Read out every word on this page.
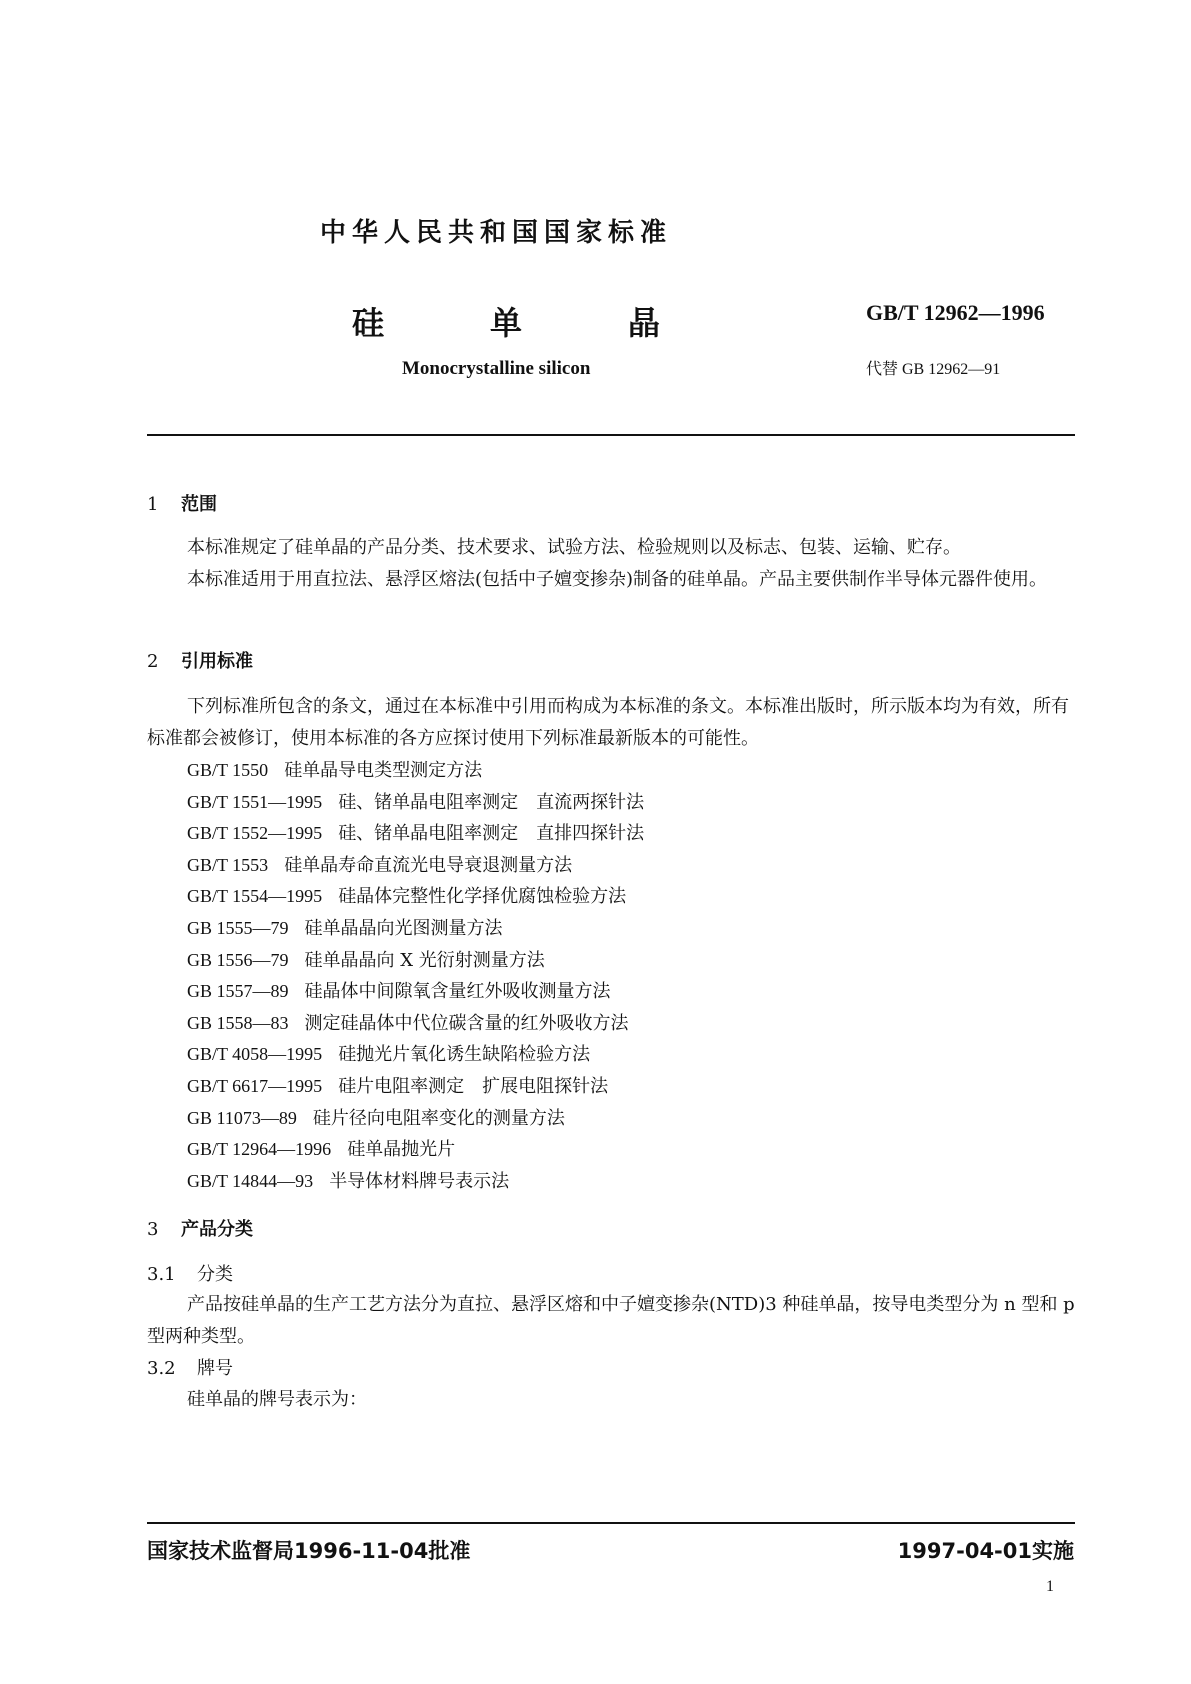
中华人民共和国国家标准
硅	单	晶	GB/T 12962—1996
Monocrystalline silicon	代替 GB 12962—91
1 范围
本标准规定了硅单晶的产品分类、技术要求、试验方法、检验规则以及标志、包装、运输、贮存。
本标准适用于用直拉法、悬浮区熔法(包括中子嬗变掺杂)制备的硅单晶。产品主要供制作半导体元器件使用。
2 引用标准
下列标准所包含的条文，通过在本标准中引用而构成为本标准的条文。本标准出版时，所示版本均为有效，所有标准都会被修订，使用本标准的各方应探讨使用下列标准最新版本的可能性。
GB/T 1550 硅单晶导电类型测定方法
GB/T 1551—1995 硅、锗单晶电阻率测定　直流两探针法
GB/T 1552—1995 硅、锗单晶电阻率测定　直排四探针法
GB/T 1553 硅单晶寿命直流光电导衰退测量方法
GB/T 1554—1995 硅晶体完整性化学择优腐蚀检验方法
GB 1555—79 硅单晶晶向光图测量方法
GB 1556—79 硅单晶晶向 X 光衍射测量方法
GB 1557—89 硅晶体中间隙氧含量红外吸收测量方法
GB 1558—83 测定硅晶体中代位碳含量的红外吸收方法
GB/T 4058—1995 硅抛光片氧化诱生缺陷检验方法
GB/T 6617—1995 硅片电阻率测定　扩展电阻探针法
GB 11073—89 硅片径向电阻率变化的测量方法
GB/T 12964—1996 硅单晶抛光片
GB/T 14844—93 半导体材料牌号表示法
3 产品分类
3.1 分类
产品按硅单晶的生产工艺方法分为直拉、悬浮区熔和中子嬗变掺杂(NTD)3 种硅单晶，按导电类型分为 n 型和 p 型两种类型。
3.2 牌号
硅单晶的牌号表示为：
国家技术监督局1996-11-04批准	1997-04-01实施
1
